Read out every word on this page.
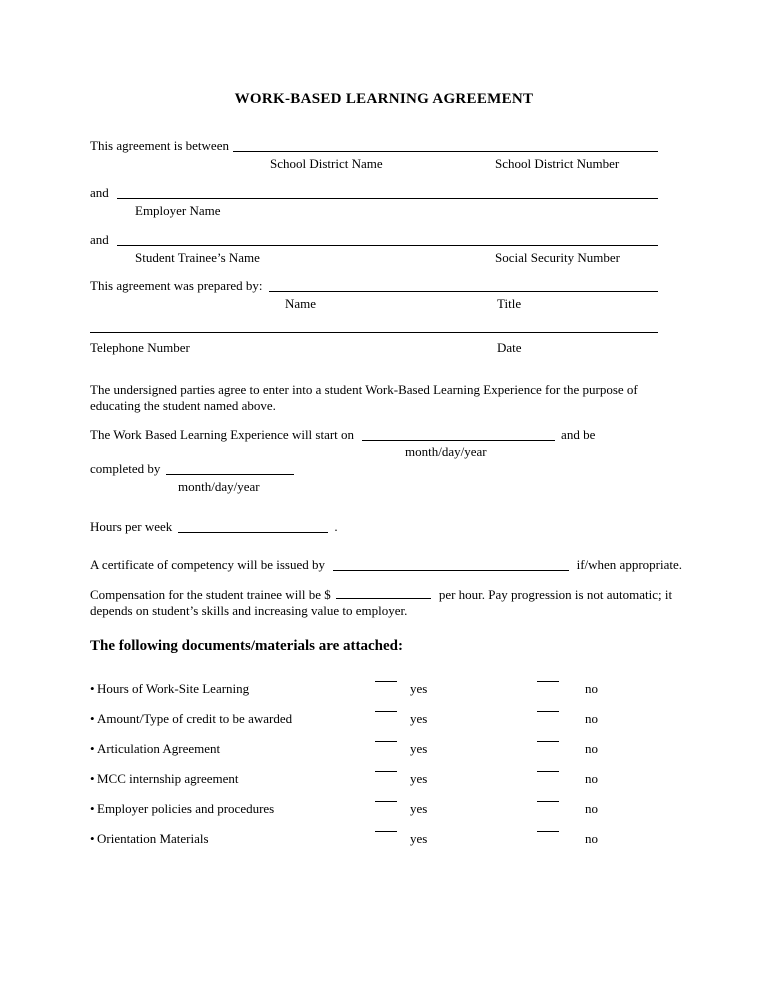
WORK-BASED LEARNING AGREEMENT
This agreement is between
School District Name	School District Number
and
Employer Name
and
Student Trainee’s Name	Social Security Number
This agreement was prepared by:
Name	Title
Telephone Number	Date

The undersigned parties agree to enter into a student Work-Based Learning Experience for the purpose of educating the student named above.

The Work Based Learning Experience will start on	and be
month/day/year
completed by
month/day/year
Hours per week	.
A certificate of competency will be issued by	if/when appropriate.

Compensation for the student trainee will be $	per hour. Pay progression is not automatic; it depends on student’s skills and increasing value to employer.

The following documents/materials are attached:
• Hours of Work-Site Learning	yes	no
• Amount/Type of credit to be awarded	yes	no
• Articulation Agreement	yes	no
• MCC internship agreement	yes	no
• Employer policies and procedures	yes	no
• Orientation Materials	yes	no
